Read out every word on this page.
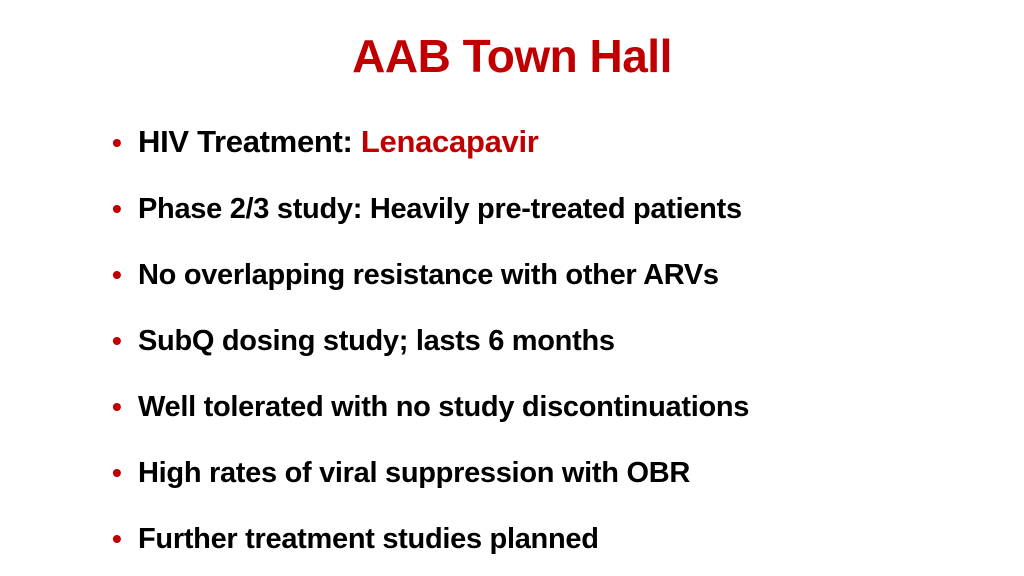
AAB Town Hall
• HIV Treatment: Lenacapavir
• Phase 2/3 study: Heavily pre-treated patients
• No overlapping resistance with other ARVs
• SubQ dosing study; lasts 6 months
• Well tolerated with no study discontinuations
• High rates of viral suppression with OBR
• Further treatment studies planned
